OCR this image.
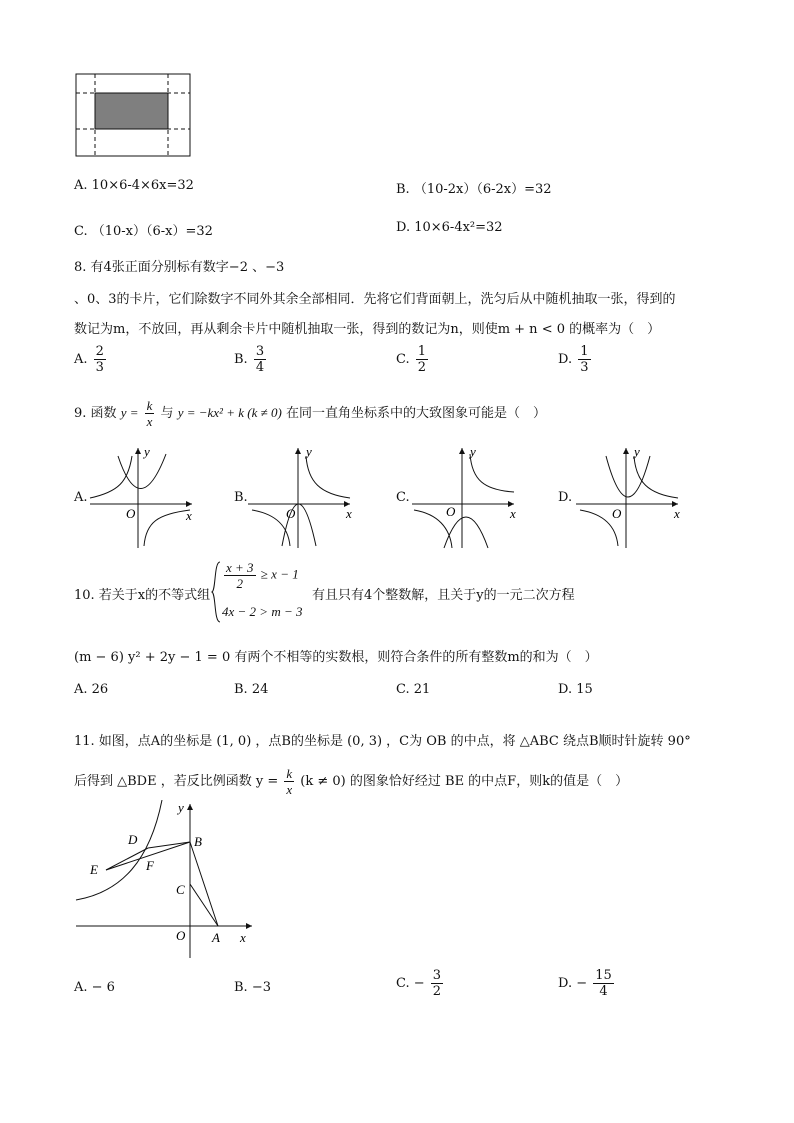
A. 10×6-4×6x=32	B. （10-2x）（6-2x）=32
C. （10-x）（6-x）=32	D. 10×6-4x²=32
8. 有4张正面分别标有数字−2 、−3
、0、3的卡片，它们除数字不同外其余全部相同．先将它们背面朝上，洗匀后从中随机抽取一张，得到的
数记为m，不放回，再从剩余卡片中随机抽取一张，得到的数记为n，则使m + n < 0 的概率为（　）
A. $\frac{2}{3}$	B. $\frac{3}{4}$	C. $\frac{1}{2}$	D. $\frac{1}{3}$
9. 函数 $y = \frac{k}{x}$ 与 y = −kx² + k (k ≠ 0) 在同一直角坐标系中的大致图象可能是（　）
A.
y
x
O
B.
y
x
O
C.
y
x
O
D.
y
x
O
10. 若关于x的不等式组
$\frac{x + 3}{2} \ge x - 1$
4x − 2 > m − 3
有且只有4个整数解，且关于y的一元二次方程
(m − 6) y² + 2y − 1 = 0 有两个不相等的实数根，则符合条件的所有整数m的和为（　）
A. 26	B. 24	C. 21	D. 15
11. 如图，点A的坐标是 (1, 0) ，点B的坐标是 (0, 3) ，C为 OB 的中点，将 △ABC 绕点B顺时针旋转 90°
后得到 △BDE ，若反比例函数 $y = \frac{k}{x} (k \ne 0)$ 的图象恰好经过 BE 的中点F，则k的值是（　）
y
x
O A
B
C
D
E	F
A. − 6	B. −3	C. − $\frac{3}{2}$	D. − $\frac{15}{4}$
